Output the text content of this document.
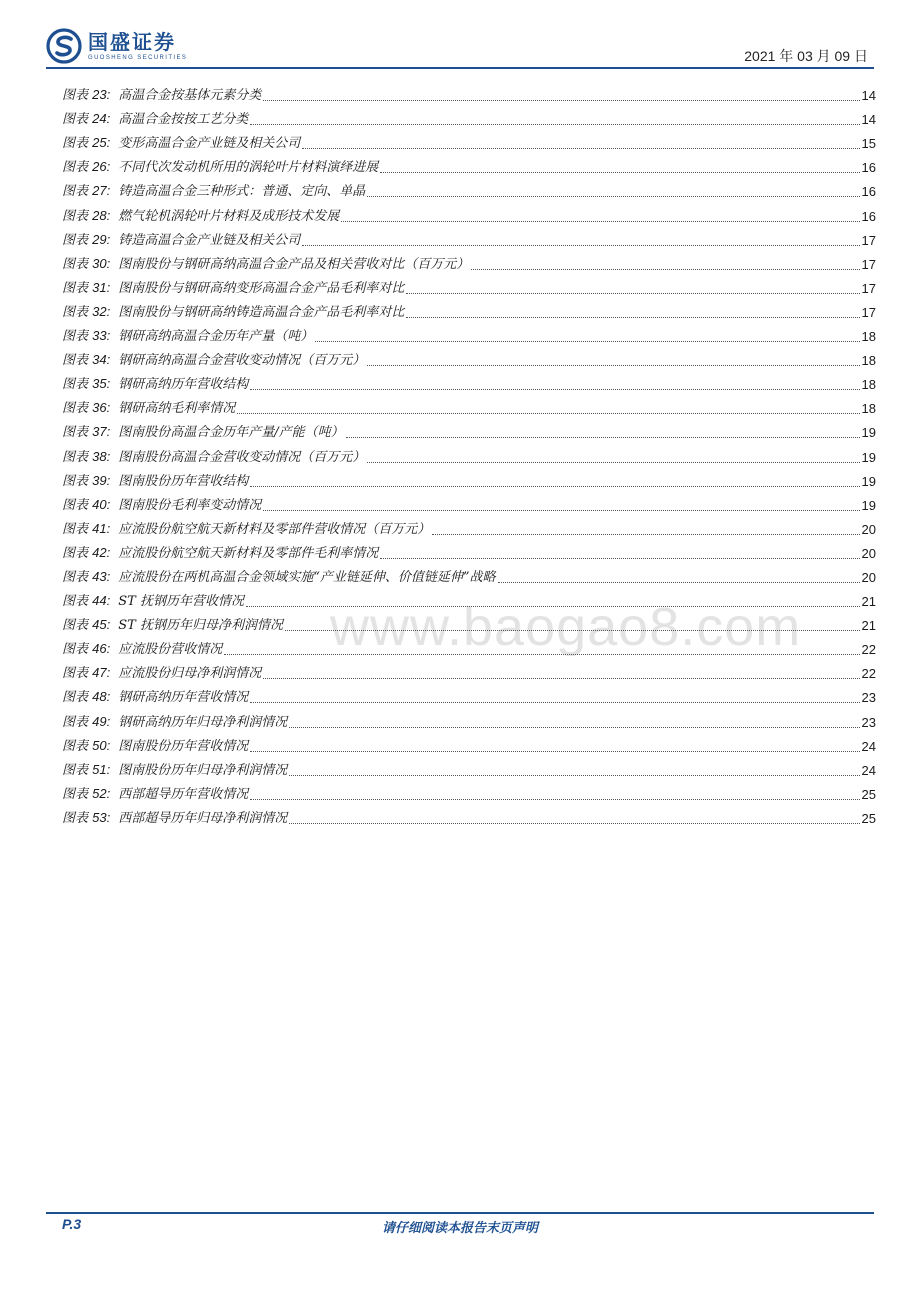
国盛证券
GUOSHENG SECURITIES	2021 年 03 月 09 日
www.baogao8.com
图表 23: 高温合金按基体元素分类	14
图表 24: 高温合金按按工艺分类	14
图表 25: 变形高温合金产业链及相关公司	15
图表 26: 不同代次发动机所用的涡轮叶片材料演绎进展	16
图表 27: 铸造高温合金三种形式：普通、定向、单晶	16
图表 28: 燃气轮机涡轮叶片材料及成形技术发展	16
图表 29: 铸造高温合金产业链及相关公司	17
图表 30: 图南股份与钢研高纳高温合金产品及相关营收对比（百万元）	17
图表 31: 图南股份与钢研高纳变形高温合金产品毛利率对比	17
图表 32: 图南股份与钢研高纳铸造高温合金产品毛利率对比	17
图表 33: 钢研高纳高温合金历年产量（吨）	18
图表 34: 钢研高纳高温合金营收变动情况（百万元）	18
图表 35: 钢研高纳历年营收结构	18
图表 36: 钢研高纳毛利率情况	18
图表 37: 图南股份高温合金历年产量/产能（吨）	19
图表 38: 图南股份高温合金营收变动情况（百万元）	19
图表 39: 图南股份历年营收结构	19
图表 40: 图南股份毛利率变动情况	19
图表 41: 应流股份航空航天新材料及零部件营收情况（百万元）	20
图表 42: 应流股份航空航天新材料及零部件毛利率情况	20
图表 43: 应流股份在两机高温合金领域实施“产业链延伸、价值链延伸”战略	20
图表 44: ST 抚钢历年营收情况	21
图表 45: ST 抚钢历年归母净利润情况	21
图表 46: 应流股份营收情况	22
图表 47: 应流股份归母净利润情况	22
图表 48: 钢研高纳历年营收情况	23
图表 49: 钢研高纳历年归母净利润情况	23
图表 50: 图南股份历年营收情况	24
图表 51: 图南股份历年归母净利润情况	24
图表 52: 西部超导历年营收情况	25
图表 53: 西部超导历年归母净利润情况	25
P.3	请仔细阅读本报告末页声明
